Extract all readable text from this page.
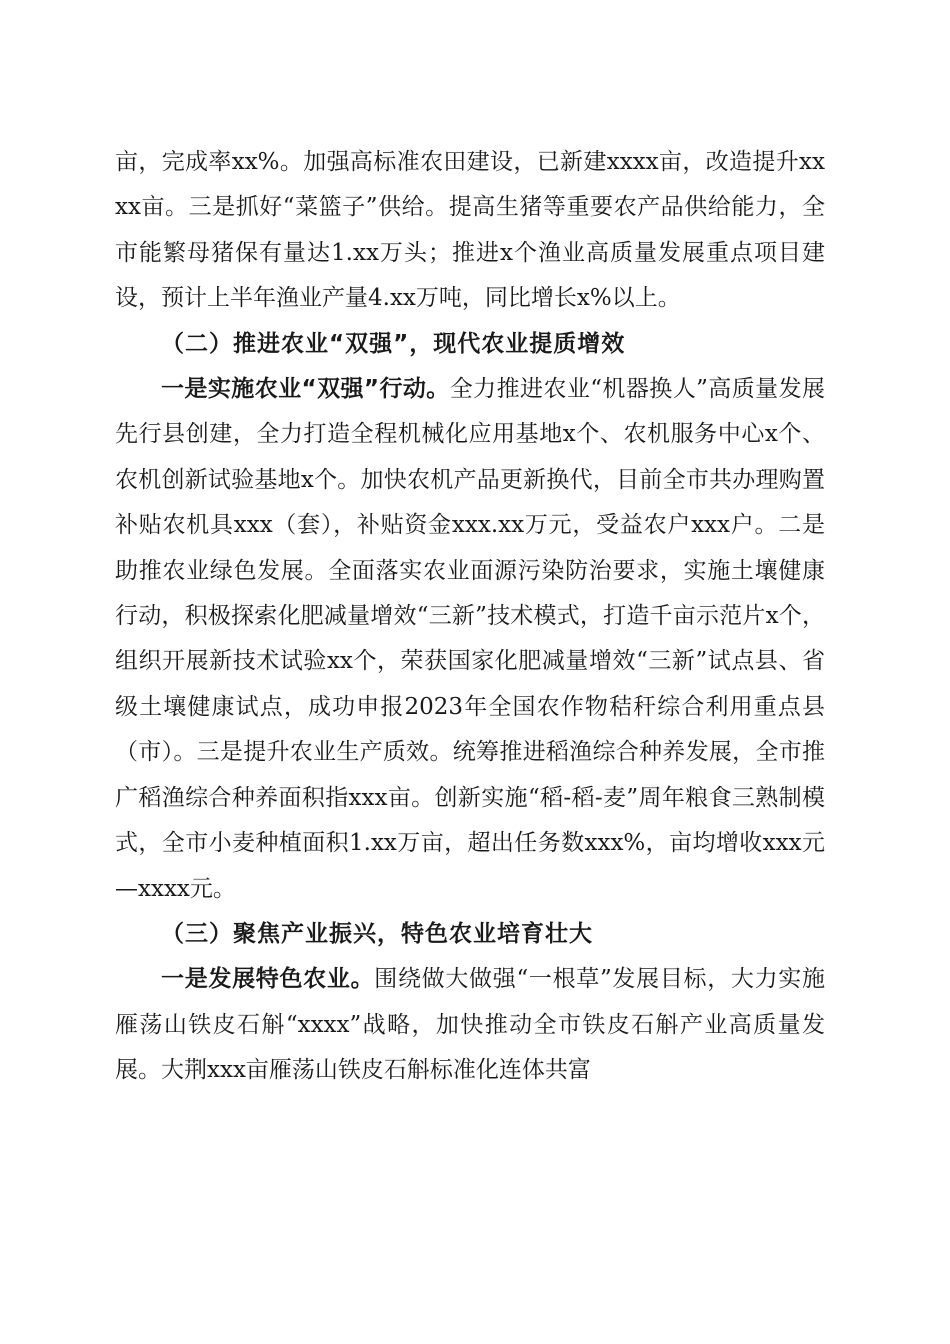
亩，完成率xx%。加强高标准农田建设，已新建xxxx亩，改造提升xxxx亩。三是抓好“菜篮子”供给。提高生猪等重要农产品供给能力，全市能繁母猪保有量达1.xx万头；推进x个渔业高质量发展重点项目建设，预计上半年渔业产量4.xx万吨，同比增长x%以上。

（二）推进农业“双强”，现代农业提质增效

一是实施农业“双强”行动。全力推进农业“机器换人”高质量发展先行县创建，全力打造全程机械化应用基地x个、农机服务中心x个、农机创新试验基地x个。加快农机产品更新换代，目前全市共办理购置补贴农机具xxx（套），补贴资金xxx.xx万元，受益农户xxx户。二是助推农业绿色发展。全面落实农业面源污染防治要求，实施土壤健康行动，积极探索化肥减量增效“三新”技术模式，打造千亩示范片x个，组织开展新技术试验xx个，荣获国家化肥减量增效“三新”试点县、省级土壤健康试点，成功申报2023年全国农作物秸秆综合利用重点县（市）。三是提升农业生产质效。统筹推进稻渔综合种养发展，全市推广稻渔综合种养面积指xxx亩。创新实施“稻-稻-麦”周年粮食三熟制模式，全市小麦种植面积1.xx万亩，超出任务数xxx%，亩均增收xxx元—xxxx元。

（三）聚焦产业振兴，特色农业培育壮大

一是发展特色农业。围绕做大做强“一根草”发展目标，大力实施雁荡山铁皮石斛“xxxx”战略，加快推动全市铁皮石斛产业高质量发展。大荆xxx亩雁荡山铁皮石斛标准化连体共富
